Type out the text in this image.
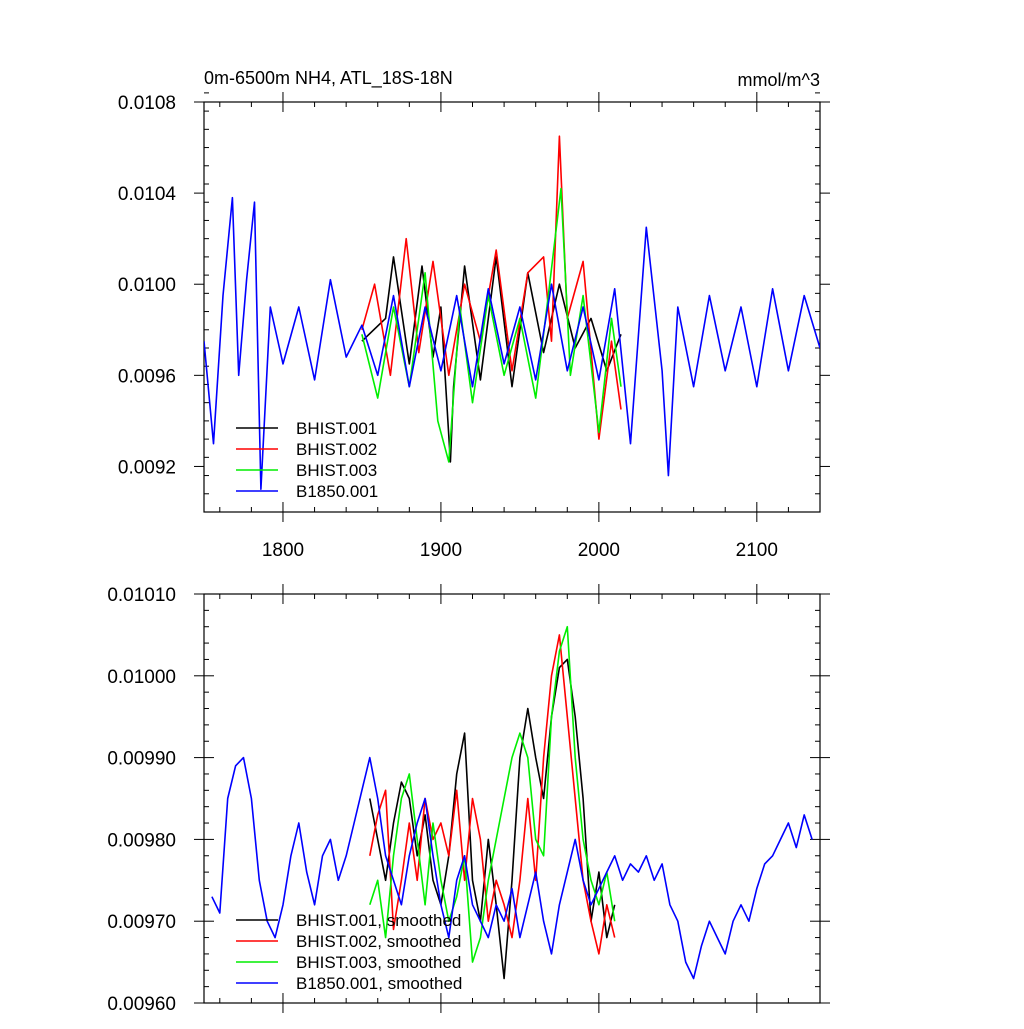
0m-6500m NH4, ATL_18S-18N	mmol/m^3
1800	1900	2000	2100
0.0092
0.0096
0.0100
0.0104
0.0108
BHIST.001
BHIST.002
BHIST.003
B1850.001
0.00960
0.00970
0.00980
0.00990
0.01000
0.01010
BHIST.001, smoothed
BHIST.002, smoothed
BHIST.003, smoothed
B1850.001, smoothed
